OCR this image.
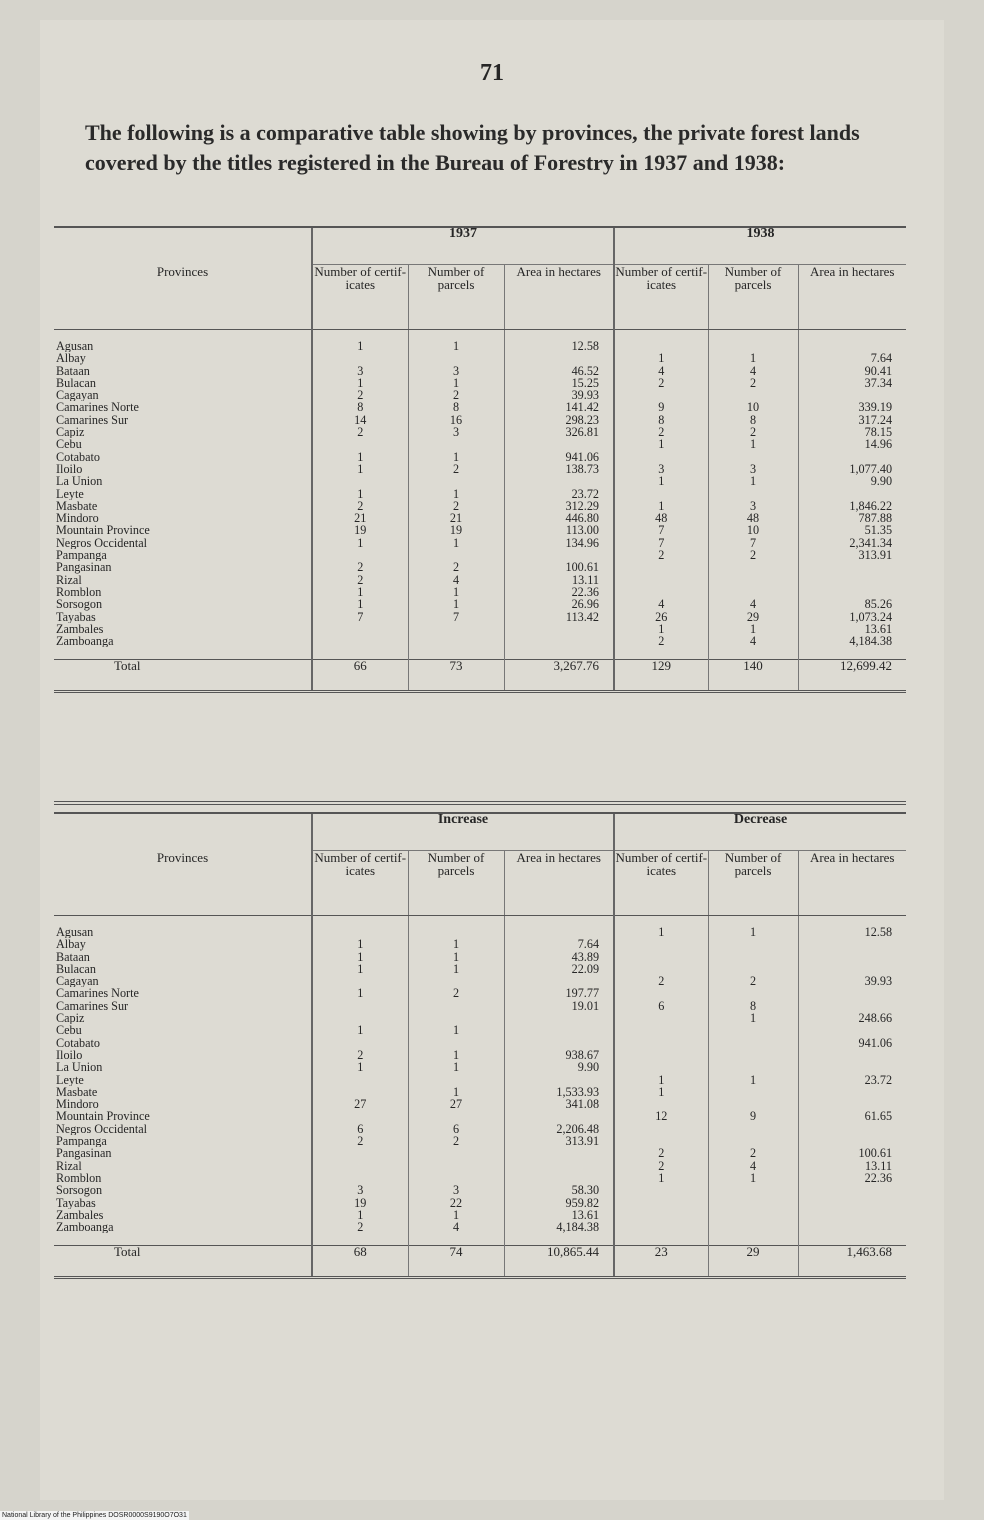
71
The following is a comparative table showing by provinces, the private forest lands covered by the titles registered in the Bureau of Forestry in 1937 and 1938:
	1937			1938		
Provinces	Number of certif- icates	Number of parcels	Area in hectares	Number of certif- icates	Number of parcels	Area in hectares

Agusan	1	1	12.58			
Albay				1	1	7.64
Bataan	3	3	46.52	4	4	90.41
Bulacan	1	1	15.25	2	2	37.34
Cagayan	2	2	39.93			
Camarines Norte	8	8	141.42	9	10	339.19
Camarines Sur	14	16	298.23	8	8	317.24
Capiz	2	3	326.81	2	2	78.15
Cebu				1	1	14.96
Cotabato	1	1	941.06			
Iloilo	1	2	138.73	3	3	1,077.40
La Union				1	1	9.90
Leyte	1	1	23.72			
Masbate	2	2	312.29	1	3	1,846.22
Mindoro	21	21	446.80	48	48	787.88
Mountain Province	19	19	113.00	7	10	51.35
Negros Occidental	1	1	134.96	7	7	2,341.34
Pampanga				2	2	313.91
Pangasinan	2	2	100.61			
Rizal	2	4	13.11			
Romblon	1	1	22.36			
Sorsogon	1	1	26.96	4	4	85.26
Tayabas	7	7	113.42	26	29	1,073.24
Zambales				1	1	13.61
Zamboanga				2	4	4,184.38

Total	66	73	3,267.76	129	140	12,699.42
	Increase			Decrease		
Provinces	Number of certif- icates	Number of parcels	Area in hectares	Number of certif- icates	Number of parcels	Area in hectares

Agusan				1	1	12.58
Albay	1	1	7.64			
Bataan	1	1	43.89			
Bulacan	1	1	22.09			
Cagayan				2	2	39.93
Camarines Norte	1	2	197.77			
Camarines Sur			19.01	6	8	
Capiz					1	248.66
Cebu	1	1				
Cotabato						941.06
Iloilo	2	1	938.67			
La Union	1	1	9.90			
Leyte				1	1	23.72
Masbate		1	1,533.93	1		
Mindoro	27	27	341.08			
Mountain Province				12	9	61.65
Negros Occidental	6	6	2,206.48			
Pampanga	2	2	313.91			
Pangasinan				2	2	100.61
Rizal				2	4	13.11
Romblon				1	1	22.36
Sorsogon	3	3	58.30			
Tayabas	19	22	959.82			
Zambales	1	1	13.61			
Zamboanga	2	4	4,184.38			

Total	68	74	10,865.44	23	29	1,463.68
National Library of the Philippines DOSR0000S9190O7O31
